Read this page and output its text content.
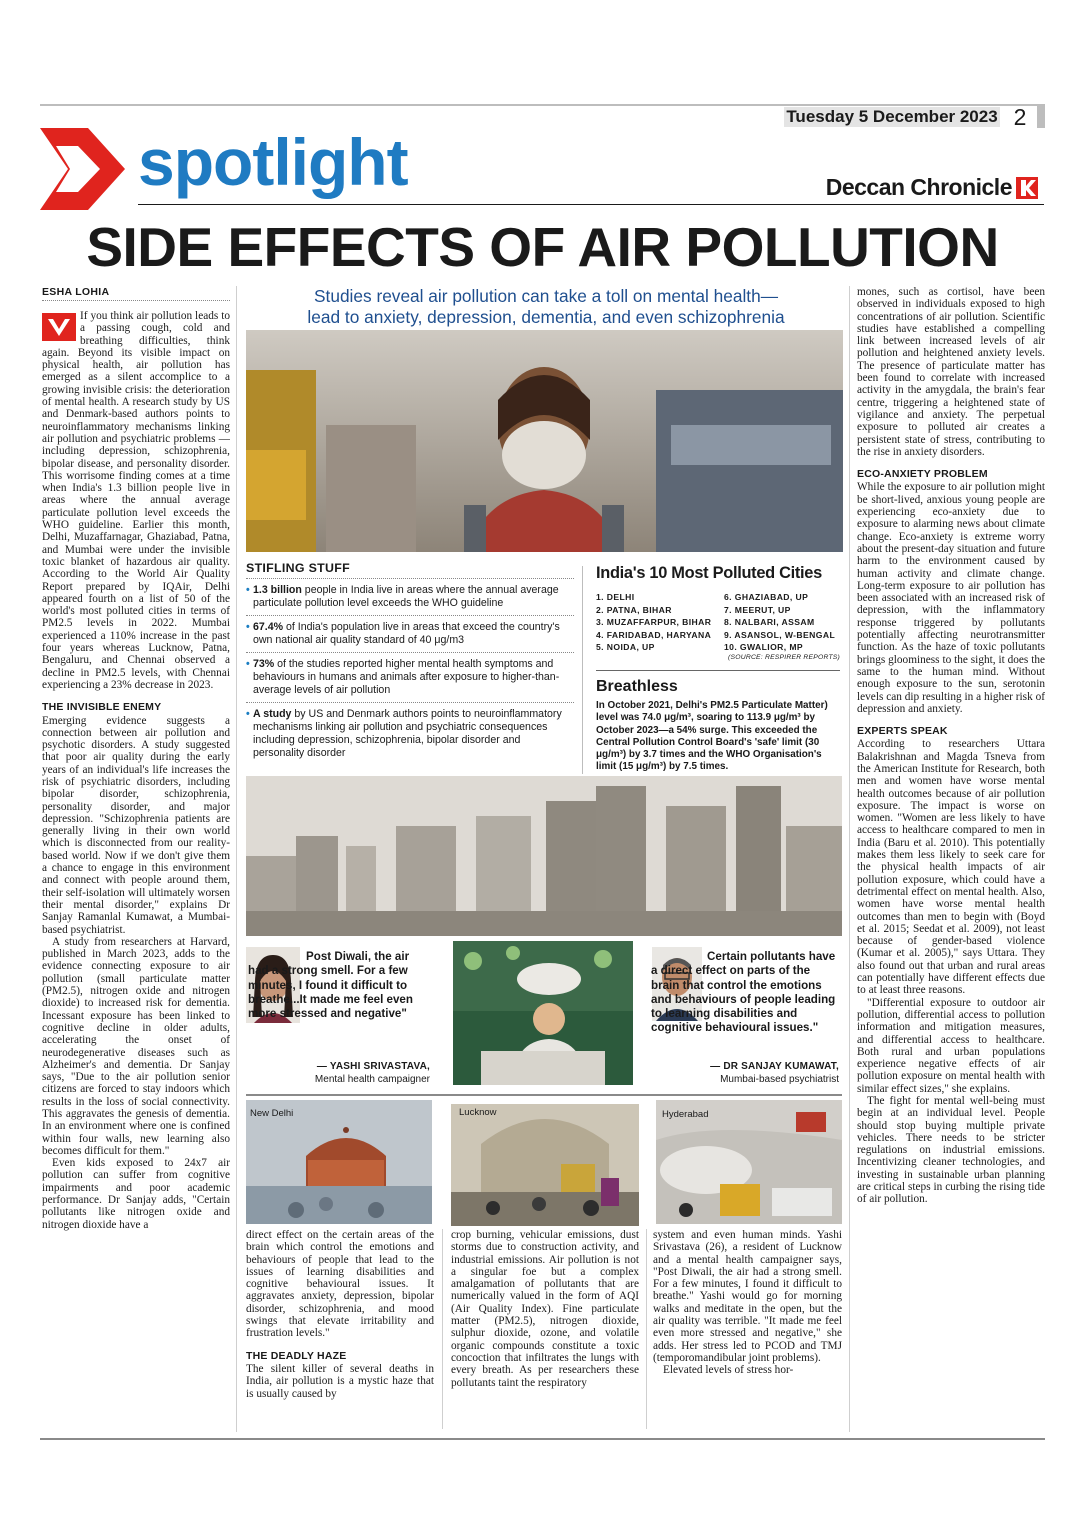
Tuesday 5 December 2023 2
spotlight	Deccan Chronicle
SIDE EFFECTS OF AIR POLLUTION
ESHA LOHIA

If you think air pollution leads to a passing cough, cold and breathing difficulties, think again. Beyond its visible impact on physical health, air pollution has emerged as a silent accomplice to a growing invisible crisis: the deterioration of mental health. A research study by US and Denmark-based authors points to neuroinflammatory mechanisms linking air pollution and psychiatric problems — including depression, schizophrenia, bipolar disease, and personality disorder. This worrisome finding comes at a time when India's 1.3 billion people live in areas where the annual average particulate pollution level exceeds the WHO guideline. Earlier this month, Delhi, Muzaffarnagar, Ghaziabad, Patna, and Mumbai were under the invisible toxic blanket of hazardous air quality. According to the World Air Quality Report prepared by IQAir, Delhi appeared fourth on a list of 50 of the world's most polluted cities in terms of PM2.5 levels in 2022. Mumbai experienced a 110% increase in the past four years whereas Lucknow, Patna, Bengaluru, and Chennai observed a decline in PM2.5 levels, with Chennai experiencing a 23% decrease in 2023.

THE INVISIBLE ENEMY

Emerging evidence suggests a connection between air pollution and psychotic disorders. A study suggested that poor air quality during the early years of an individual's life increases the risk of psychiatric disorders, including bipolar disorder, schizophrenia, personality disorder, and major depression. "Schizophrenia patients are generally living in their own world which is disconnected from our reality-based world. Now if we don't give them a chance to engage in this environment and connect with people around them, their self-isolation will ultimately worsen their mental disorder," explains Dr Sanjay Ramanlal Kumawat, a Mumbai-based psychiatrist.

A study from researchers at Harvard, published in March 2023, adds to the evidence connecting exposure to air pollution (small particulate matter (PM2.5), nitrogen oxide and nitrogen dioxide) to increased risk for dementia. Incessant exposure has been linked to cognitive decline in older adults, accelerating the onset of neurodegenerative diseases such as Alzheimer's and dementia. Dr Sanjay says, "Due to the air pollution senior citizens are forced to stay indoors which results in the loss of social connectivity. This aggravates the genesis of dementia. In an environment where one is confined within four walls, new learning also becomes difficult for them."

Even kids exposed to 24x7 air pollution can suffer from cognitive impairments and poor academic performance. Dr Sanjay adds, "Certain pollutants like nitrogen oxide and nitrogen dioxide have a

Studies reveal air pollution can take a toll on mental health—
lead to anxiety, depression, dementia, and even schizophrenia
STIFLING STUFF
• 1.3 billion people in India live in areas where the annual average particulate pollution level exceeds the WHO guideline
• 67.4% of India's population live in areas that exceed the country's own national air quality standard of 40 μg/m3
• 73% of the studies reported higher mental health symptoms and behaviours in humans and animals after exposure to higher-than-average levels of air pollution
• A study by US and Denmark authors points to neuroinflammatory mechanisms linking air pollution and psychiatric consequences including depression, schizophrenia, bipolar disorder and personality disorder
India's 10 Most Polluted Cities
1. DELHI
2. PATNA, BIHAR
3. MUZAFFARPUR, BIHAR
4. FARIDABAD, HARYANA
5. NOIDA, UP
6. GHAZIABAD, UP
7. MEERUT, UP
8. NALBARI, ASSAM
9. ASANSOL, W-BENGAL
10. GWALIOR, MP
(SOURCE: RESPIRER REPORTS)
Breathless
In October 2021, Delhi's PM2.5 Particulate Matter) level was 74.0 μg/m³, soaring to 113.9 μg/m³ by October 2023—a 54% surge. This exceeded the Central Pollution Control Board's 'safe' limit (30 μg/m³) by 3.7 times and the WHO Organisation's limit (15 μg/m³) by 7.5 times.
Post Diwali, the air had a strong smell. For a few minutes, I found it difficult to breathe...It made me feel even more stressed and negative"
— YASHI SRIVASTAVA,
Mental health campaigner
Certain pollutants have a direct effect on parts of the brain that control the emotions and behaviours of people leading to learning disabilities and cognitive behavioural issues."
— DR SANJAY KUMAWAT,
Mumbai-based psychiatrist
New Delhi	Lucknow	Hyderabad

direct effect on the certain areas of the brain which control the emotions and behaviours of people that lead to the issues of learning disabilities and cognitive behavioural issues. It aggravates anxiety, depression, bipolar disorder, schizophrenia, and mood swings that elevate irritability and frustration levels."

THE DEADLY HAZE

The silent killer of several deaths in India, air pollution is a mystic haze that is usually caused by

crop burning, vehicular emissions, dust storms due to construction activity, and industrial emissions. Air pollution is not a singular foe but a complex amalgamation of pollutants that are numerically valued in the form of AQI (Air Quality Index). Fine particulate matter (PM2.5), nitrogen dioxide, sulphur dioxide, ozone, and volatile organic compounds constitute a toxic concoction that infiltrates the lungs with every breath. As per researchers these pollutants taint the respiratory

system and even human minds. Yashi Srivastava (26), a resident of Lucknow and a mental health campaigner says, "Post Diwali, the air had a strong smell. For a few minutes, I found it difficult to breathe." Yashi would go for morning walks and meditate in the open, but the air quality was terrible. "It made me feel even more stressed and negative," she adds. Her stress led to PCOD and TMJ (temporomandibular joint problems).

Elevated levels of stress hor-

mones, such as cortisol, have been observed in individuals exposed to high concentrations of air pollution. Scientific studies have established a compelling link between increased levels of air pollution and heightened anxiety levels. The presence of particulate matter has been found to correlate with increased activity in the amygdala, the brain's fear centre, triggering a heightened state of vigilance and anxiety. The perpetual exposure to polluted air creates a persistent state of stress, contributing to the rise in anxiety disorders.

ECO-ANXIETY PROBLEM

While the exposure to air pollution might be short-lived, anxious young people are experiencing eco-anxiety due to exposure to alarming news about climate change. Eco-anxiety is extreme worry about the present-day situation and future harm to the environment caused by human activity and climate change. Long-term exposure to air pollution has been associated with an increased risk of depression, with the inflammatory response triggered by pollutants potentially affecting neurotransmitter function. As the haze of toxic pollutants brings gloominess to the sight, it does the same to the human mind. Without enough exposure to the sun, serotonin levels can dip resulting in a higher risk of depression and anxiety.

EXPERTS SPEAK

According to researchers Uttara Balakrishnan and Magda Tsneva from the American Institute for Research, both men and women have worse mental health outcomes because of air pollution exposure. The impact is worse on women. "Women are less likely to have access to healthcare compared to men in India (Baru et al. 2010). This potentially makes them less likely to seek care for the physical health impacts of air pollution exposure, which could have a detrimental effect on mental health. Also, women have worse mental health outcomes than men to begin with (Boyd et al. 2015; Seedat et al. 2009), not least because of gender-based violence (Kumar et al. 2005)," says Uttara. They also found out that urban and rural areas can potentially have different effects due to at least three reasons.

"Differential exposure to outdoor air pollution, differential access to pollution information and mitigation measures, and differential access to healthcare. Both rural and urban populations experience negative effects of air pollution exposure on mental health with similar effect sizes," she explains.

The fight for mental well-being must begin at an individual level. People should stop buying multiple private vehicles. There needs to be stricter regulations on industrial emissions. Incentivizing cleaner technologies, and investing in sustainable urban planning are critical steps in curbing the rising tide of air pollution.
